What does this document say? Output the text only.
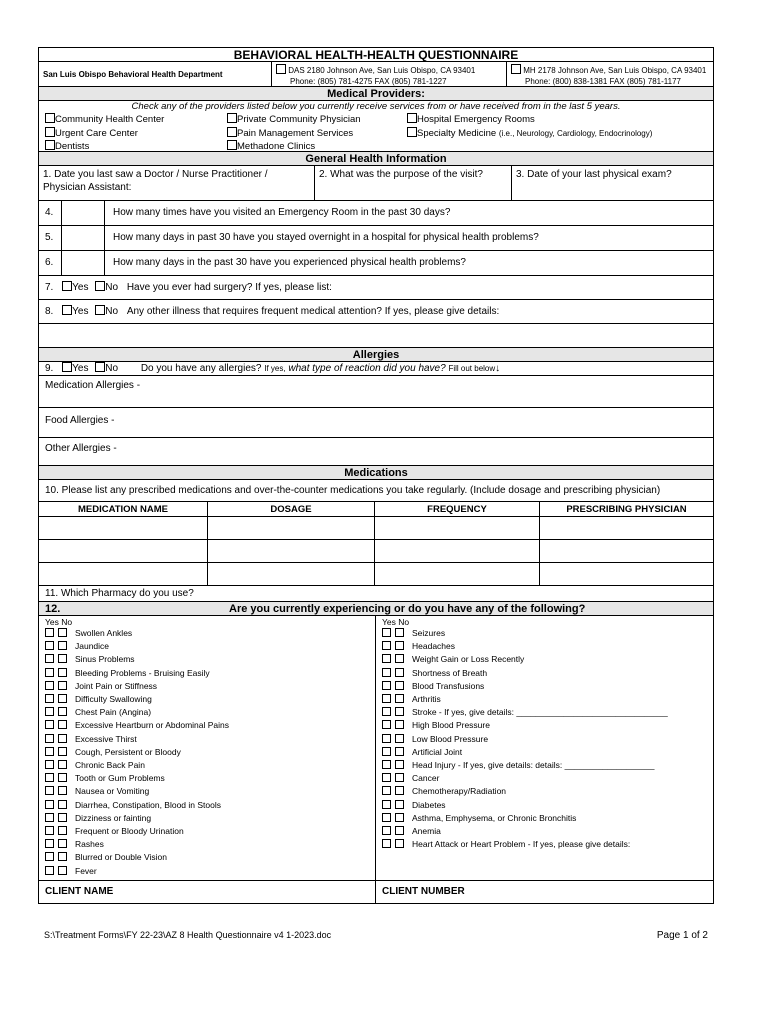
BEHAVIORAL HEALTH-HEALTH QUESTIONNAIRE
San Luis Obispo Behavioral Health Department	DAS 2180 Johnson Ave, San Luis Obispo, CA 93401
Phone: (805) 781-4275 FAX (805) 781-1227
MH 2178 Johnson Ave, San Luis Obispo, CA 93401
Phone: (800) 838-1381 FAX (805) 781-1177
Medical Providers:
Check any of the providers listed below you currently receive services from or have received from in the last 5 years.
Community Health Center
Urgent Care Center
Dentists
Private Community Physician
Pain Management Services
Methadone Clinics
Hospital Emergency Rooms
Specialty Medicine (i.e., Neurology, Cardiology, Endocrinology)
General Health Information
1. Date you last saw a Doctor / Nurse Practitioner / Physician Assistant:
2. What was the purpose of the visit?	3. Date of your last physical exam?
4.	How many times have you visited an Emergency Room in the past 30 days?
5.	How many days in past 30 have you stayed overnight in a hospital for physical health problems?
6.	How many days in the past 30 have you experienced physical health problems?
7. Yes No Have you ever had surgery? If yes, please list:
8. Yes No Any other illness that requires frequent medical attention? If yes, please give details:
Allergies
9. Yes No Do you have any allergies? If yes, what type of reaction did you have? Fill out below↓
Medication Allergies -
Food Allergies -
Other Allergies -
Medications
10. Please list any prescribed medications and over-the-counter medications you take regularly. (Include dosage and prescribing physician)
MEDICATION NAME	DOSAGE	FREQUENCY	PRESCRIBING PHYSICIAN
11. Which Pharmacy do you use?
12.	Are you currently experiencing or do you have any of the following?
Yes No
Swollen Ankles
Jaundice
Sinus Problems
Bleeding Problems - Bruising Easily
Joint Pain or Stiffness
Difficulty Swallowing
Chest Pain (Angina)
Excessive Heartburn or Abdominal Pains
Excessive Thirst
Cough, Persistent or Bloody
Chronic Back Pain
Tooth or Gum Problems
Nausea or Vomiting
Diarrhea, Constipation, Blood in Stools
Dizziness or fainting
Frequent or Bloody Urination
Rashes
Blurred or Double Vision
Fever
Yes No
Seizures
Headaches
Weight Gain or Loss Recently
Shortness of Breath
Blood Transfusions
Arthritis
Stroke - If yes, give details: ________________________________
High Blood Pressure
Low Blood Pressure
Artificial Joint
Head Injury - If yes, give details: details: ___________________
Cancer
Chemotherapy/Radiation
Diabetes
Asthma, Emphysema, or Chronic Bronchitis
Anemia
Heart Attack or Heart Problem - If yes, please give details:
CLIENT NAME	CLIENT NUMBER
S:\Treatment Forms\FY 22-23\AZ 8 Health Questionnaire v4 1-2023.doc	Page 1 of 2
